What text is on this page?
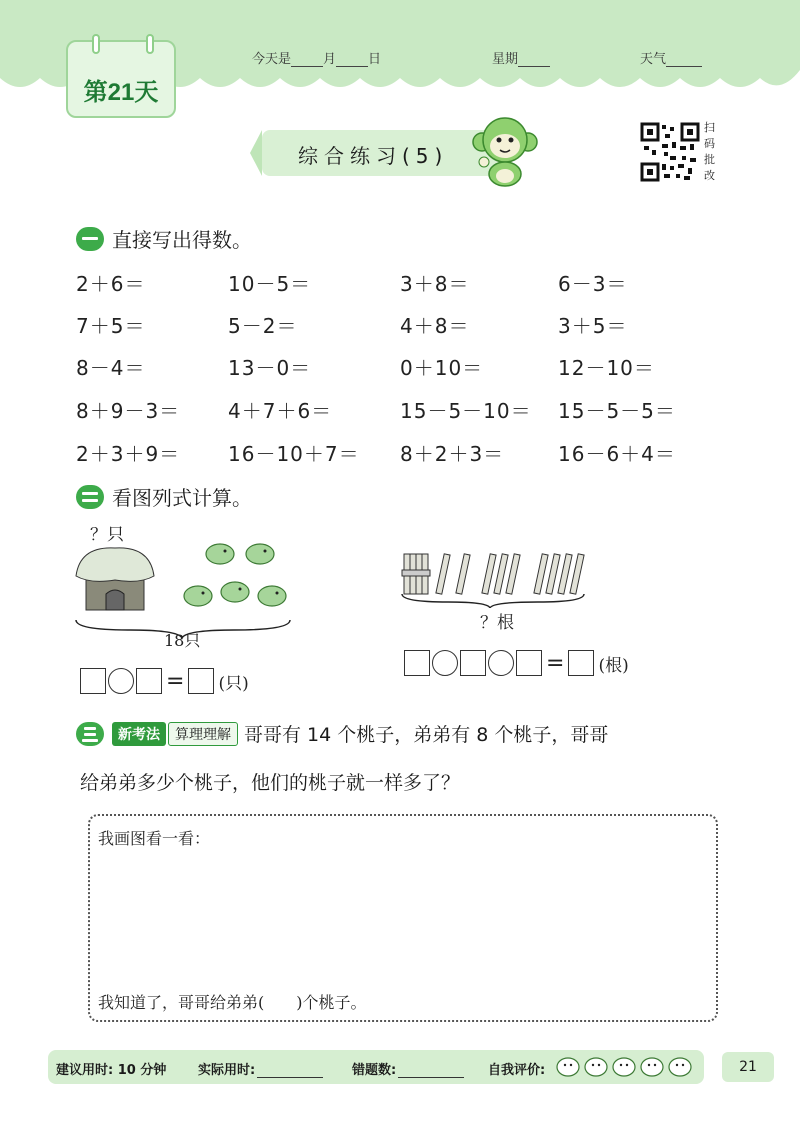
第21天
今天是 月 日	星期	天气
综合练习(5)
扫
码
批
改
直接写出得数。
2＋6＝	10－5＝	3＋8＝	6－3＝
7＋5＝	5－2＝	4＋8＝	3＋5＝
8－4＝	13－0＝	0＋10＝	12－10＝
8＋9－3＝ 4＋7＋6＝	15－5－10＝ 15－5－5＝
2＋3＋9＝ 16－10＋7＝ 8＋2＋3＝	16－6＋4＝
看图列式计算。
？只
18只
= (只)
？根
= (根)
新考法	算理理解 哥哥有 14 个桃子，弟弟有 8 个桃子，哥哥
给弟弟多少个桃子，他们的桃子就一样多了？
我画图看一看：
我知道了，哥哥给弟弟(　　)个桃子。
建议用时: 10 分钟 实际用时:	错题数:	自我评价:	21
